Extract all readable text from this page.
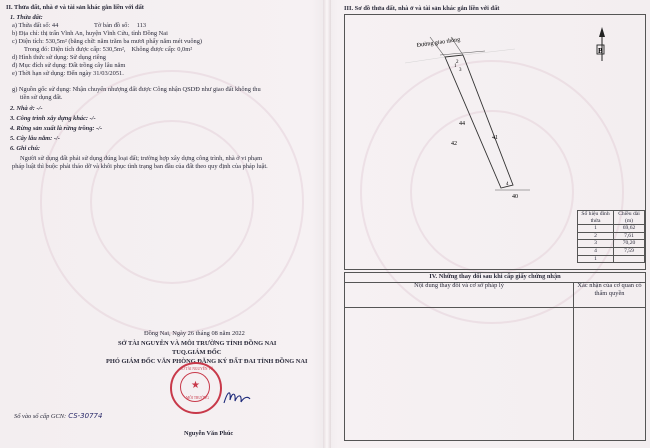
II. Thửa đất, nhà ở và tài sản khác gắn liền với đất
1. Thửa đất:
a) Thửa đất số: 44	Tờ bản đồ số: 113
b) Địa chỉ: thị trấn Vĩnh An, huyện Vĩnh Cửu, tỉnh Đồng Nai
c) Diện tích: 530,5m² (bằng chữ: năm trăm ba mươi phẩy năm mét vuông)
Trong đó: Diện tích được cấp: 530,5m², Không được cấp: 0,0m²
d) Hình thức sử dụng: Sử dụng riêng
đ) Mục đích sử dụng: Đất trồng cây lâu năm
e) Thời hạn sử dụng: Đến ngày 31/03/2051.
g) Nguồn gốc sử dụng: Nhận chuyển nhượng đất được Công nhận QSDĐ như giao đất không thu
tiền sử dụng đất.
2. Nhà ở: -/-
3. Công trình xây dựng khác: -/-
4. Rừng sản xuất là rừng trồng: -/-
5. Cây lâu năm: -/-
6. Ghi chú:
Người sử dụng đất phải sử dụng đúng loại đất; trường hợp xây dựng công trình, nhà ở vi phạm
pháp luật thì buộc phải tháo dỡ và khôi phục tình trạng ban đầu của đất theo quy định của pháp luật.
Đồng Nai, Ngày 26 tháng 08 năm 2022
SỞ TÀI NGUYÊN VÀ MÔI TRƯỜNG TỈNH ĐỒNG NAI
TUQ.GIÁM ĐỐC
PHÓ GIÁM ĐỐC VĂN PHÒNG ĐĂNG KÝ ĐẤT ĐAI TỈNH ĐỒNG NAI
Số vào sổ cấp GCN: CS-30774
Nguyễn Văn Phúc
★
SỞ TÀI NGUYÊN VÀ
MÔI TRƯỜNG
III. Sơ đồ thửa đất, nhà ở và tài sản khác gắn liền với đất
Đường giao thông
1
2
3
4
41
44
42
40
B
Số hiệu đỉnh thửa	Chiều dài (m)
1	69,62
2	7,61
3	70,20
4	7,59
1	
IV. Những thay đổi sau khi cấp giấy chứng nhận
Nội dung thay đổi và cơ sở pháp lý	Xác nhận của cơ quan có thẩm quyền
